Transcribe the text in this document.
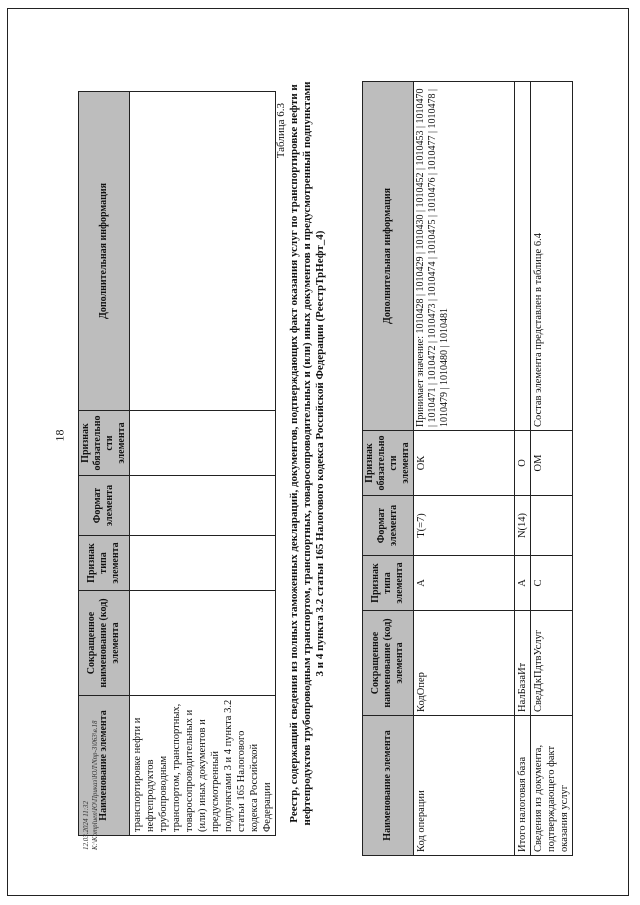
18
Наименование элемента	Сокращенное наименование (код) элемента	Признак типа элемента	Формат элемента	Признак обязательности элемента	Дополнительная информация
транспортировке нефти и нефтепродуктов трубопроводным транспортом, транспортных, товаросопроводительных и (или) иных документов и предусмотренный подпунктами 3 и 4 пункта 3.2 статьи 165 Налогового кодекса Российской Федерации					
Таблица 6.3 Реестр, содержащий сведения из полных таможенных деклараций, документов, подтверждающих факт оказания услуг по транспортировке нефти и нефтепродуктов трубопроводным транспортом, транспортных, товаросопроводительных и (или) иных документов и предусмотренный подпунктами 3 и 4 пункта 3.2 статьи 165 Налогового кодекса Российской Федерации (РеестрТрНефт_4)
Наименование элемента	Сокращенное наименование (код) элемента	Признак типа элемента	Формат элемента	Признак обязательности элемента	Дополнительная информация
Код операции	КодОпер	А	T(=7)	ОК	Принимает значение: 1010428 | 1010429 | 1010430 | 1010452 | 1010453 | 1010470 | 1010471 | 1010472 | 1010473 | 1010474 | 1010475 | 1010476 | 1010477 | 1010478 | 1010479 | 1010480 | 1010481
Итого налоговая база	НалБазаИт	А	N(14)	О	
Сведения из документа, подтверждающего факт оказания услуг	СведДкПдтвУслуг	С		ОМ	Состав элемента представлен в таблице 6.4
12.03.2024 11:32 К:\Kompluen\Ю\Приказ\ЮЛ\Nпр-З\063\в.18
